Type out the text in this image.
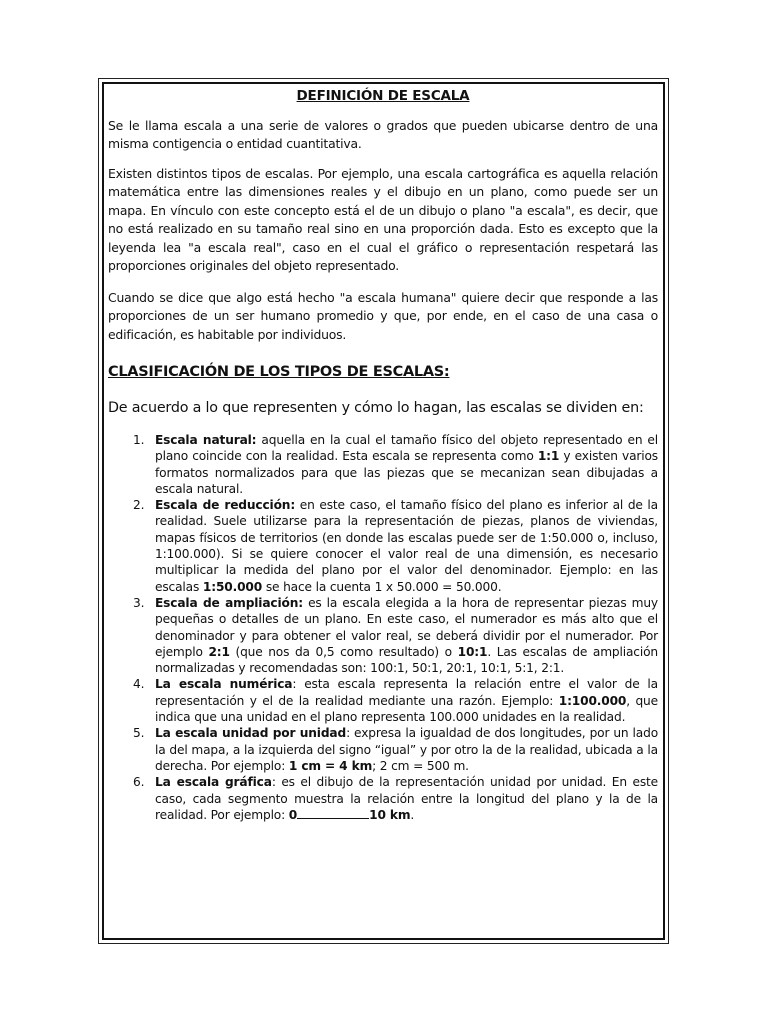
DEFINICIÓN DE ESCALA

Se le llama escala a una serie de valores o grados que pueden ubicarse dentro de una misma contigencia o entidad cuantitativa.

Existen distintos tipos de escalas. Por ejemplo, una escala cartográfica es aquella relación matemática entre las dimensiones reales y el dibujo en un plano, como puede ser un mapa. En vínculo con este concepto está el de un dibujo o plano "a escala", es decir, que no está realizado en su tamaño real sino en una proporción dada. Esto es excepto que la leyenda lea "a escala real", caso en el cual el gráfico o representación respetará las proporciones originales del objeto representado.

Cuando se dice que algo está hecho "a escala humana" quiere decir que responde a las proporciones de un ser humano promedio y que, por ende, en el caso de una casa o edificación, es habitable por individuos.

CLASIFICACIÓN DE LOS TIPOS DE ESCALAS:

De acuerdo a lo que representen y cómo lo hagan, las escalas se dividen en:

1. Escala natural: aquella en la cual el tamaño físico del objeto representado en el plano coincide con la realidad. Esta escala se representa como 1:1 y existen varios formatos normalizados para que las piezas que se mecanizan sean dibujadas a escala natural.
2. Escala de reducción: en este caso, el tamaño físico del plano es inferior al de la realidad. Suele utilizarse para la representación de piezas, planos de viviendas, mapas físicos de territorios (en donde las escalas puede ser de 1:50.000 o, incluso, 1:100.000). Si se quiere conocer el valor real de una dimensión, es necesario multiplicar la medida del plano por el valor del denominador. Ejemplo: en las escalas 1:50.000 se hace la cuenta 1 x 50.000 = 50.000.
3. Escala de ampliación: es la escala elegida a la hora de representar piezas muy pequeñas o detalles de un plano. En este caso, el numerador es más alto que el denominador y para obtener el valor real, se deberá dividir por el numerador. Por ejemplo 2:1 (que nos da 0,5 como resultado) o 10:1. Las escalas de ampliación normalizadas y recomendadas son: 100:1, 50:1, 20:1, 10:1, 5:1, 2:1.
4. La escala numérica: esta escala representa la relación entre el valor de la representación y el de la realidad mediante una razón. Ejemplo: 1:100.000, que indica que una unidad en el plano representa 100.000 unidades en la realidad.
5. La escala unidad por unidad: expresa la igualdad de dos longitudes, por un lado la del mapa, a la izquierda del signo “igual” y por otro la de la realidad, ubicada a la derecha. Por ejemplo: 1 cm = 4 km; 2 cm = 500 m.
6. La escala gráfica: es el dibujo de la representación unidad por unidad. En este caso, cada segmento muestra la relación entre la longitud del plano y la de la realidad. Por ejemplo: 0	10 km.
